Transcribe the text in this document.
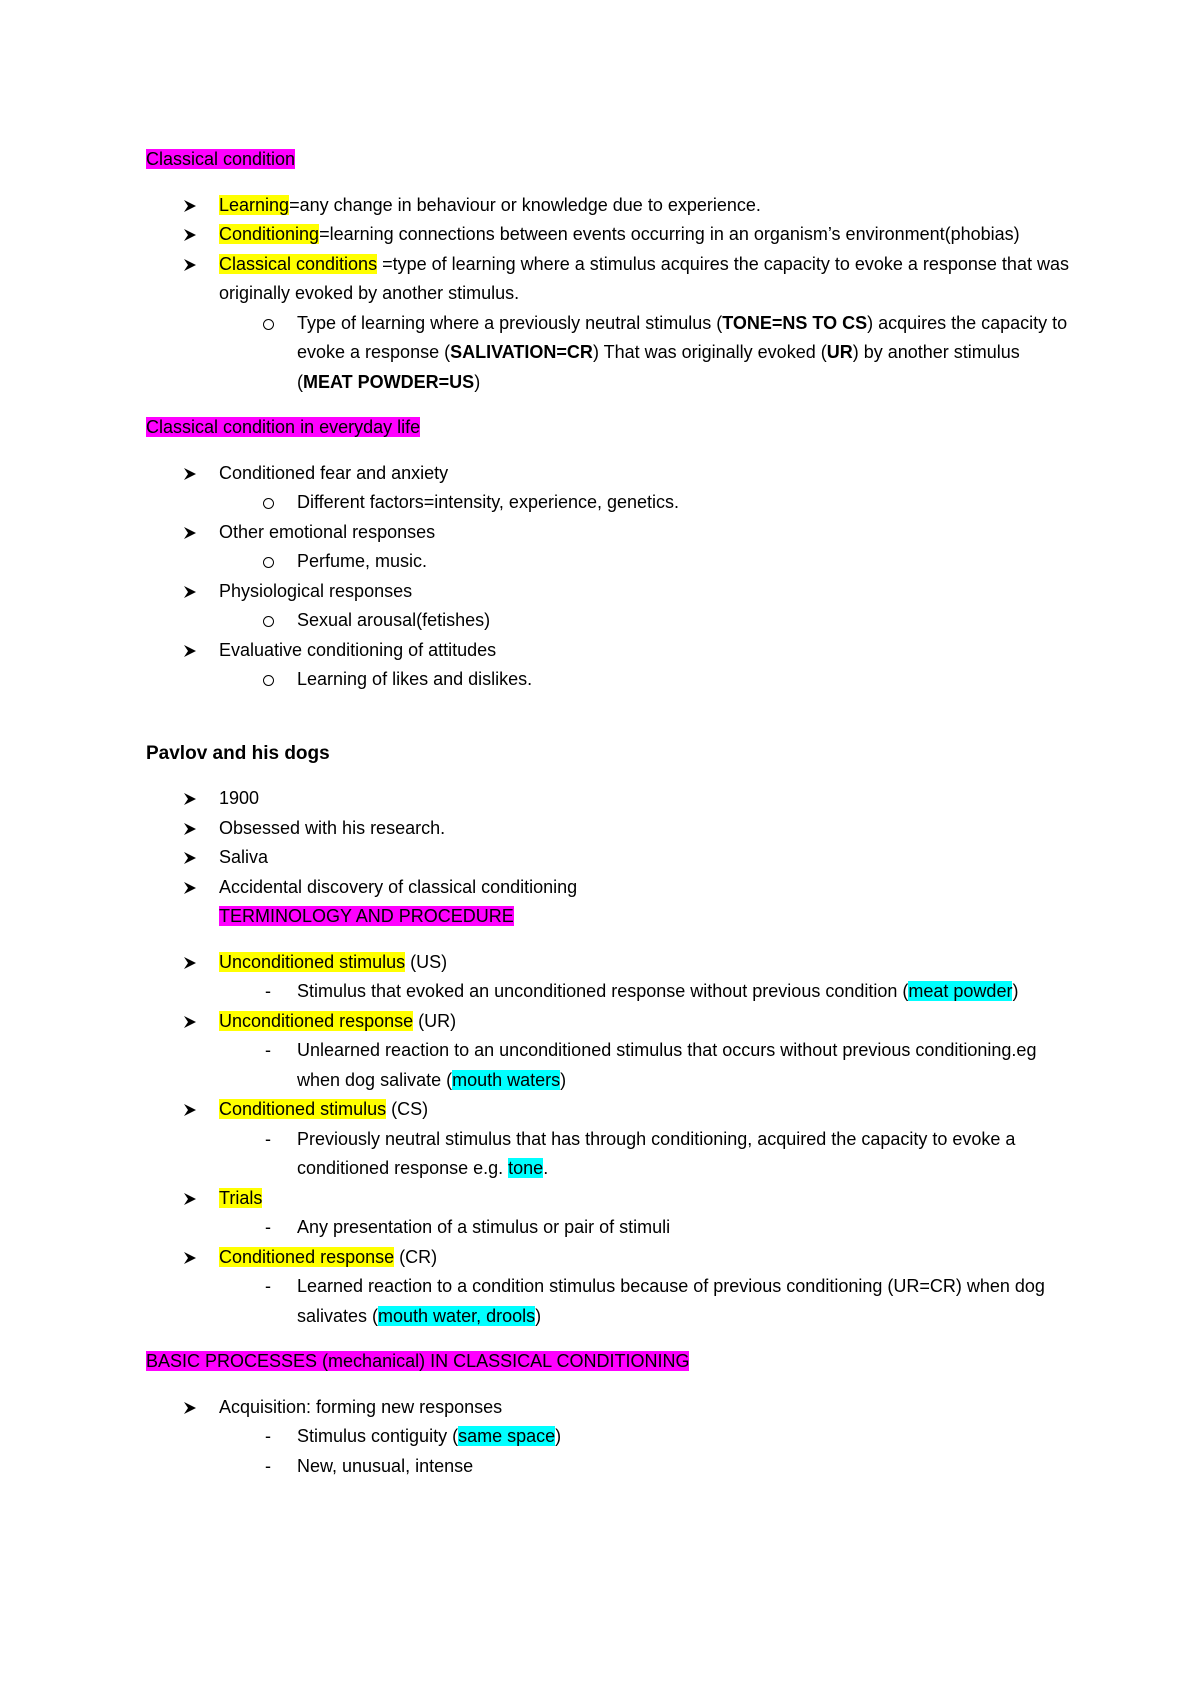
Classical condition

Learning=any change in behaviour or knowledge due to experience.
Conditioning=learning connections between events occurring in an organism’s environment(phobias)
Classical conditions =type of learning where a stimulus acquires the capacity to evoke a response that was originally evoked by another stimulus.
Type of learning where a previously neutral stimulus (TONE=NS TO CS) acquires the capacity to evoke a response (SALIVATION=CR) That was originally evoked (UR) by another stimulus (MEAT POWDER=US)

Classical condition in everyday life

Conditioned fear and anxiety
Different factors=intensity, experience, genetics.
Other emotional responses
Perfume, music.
Physiological responses
Sexual arousal(fetishes)
Evaluative conditioning of attitudes
Learning of likes and dislikes.

Pavlov and his dogs

1900
Obsessed with his research.
Saliva
Accidental discovery of classical conditioning
TERMINOLOGY AND PROCEDURE
Unconditioned stimulus (US)
- Stimulus that evoked an unconditioned response without previous condition (meat powder)
Unconditioned response (UR)
- Unlearned reaction to an unconditioned stimulus that occurs without previous conditioning.eg when dog salivate (mouth waters)
Conditioned stimulus (CS)
- Previously neutral stimulus that has through conditioning, acquired the capacity to evoke a conditioned response e.g. tone.
Trials
- Any presentation of a stimulus or pair of stimuli
Conditioned response (CR)
- Learned reaction to a condition stimulus because of previous conditioning (UR=CR) when dog salivates (mouth water, drools)

BASIC PROCESSES (mechanical) IN CLASSICAL CONDITIONING

Acquisition: forming new responses
- Stimulus contiguity (same space)
- New, unusual, intense
